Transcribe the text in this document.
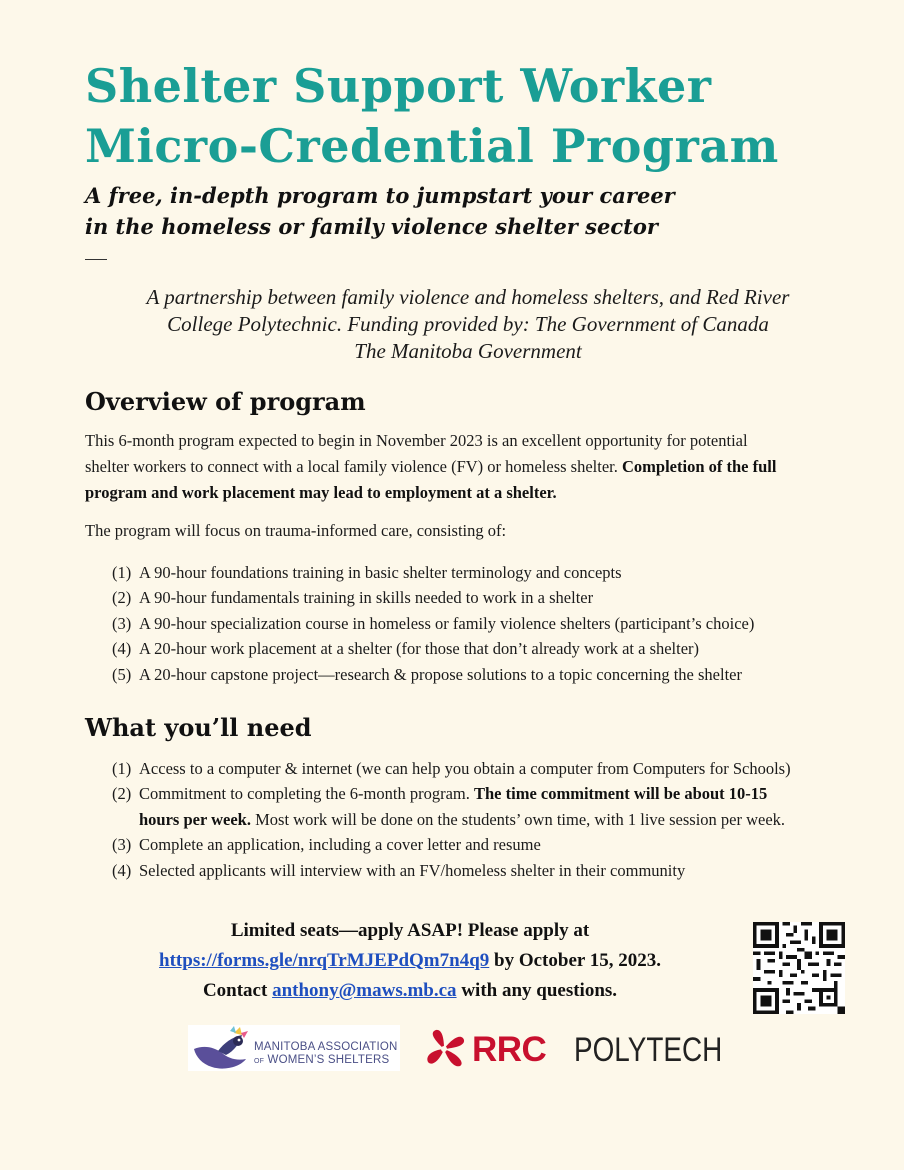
Shelter Support Worker
Micro-Credential Program
A free, in-depth program to jumpstart your career
in the homeless or family violence shelter sector
A partnership between family violence and homeless shelters, and Red River
College Polytechnic. Funding provided by: The Government of Canada
The Manitoba Government
Overview of program
This 6-month program expected to begin in November 2023 is an excellent opportunity for potential
shelter workers to connect with a local family violence (FV) or homeless shelter. Completion of the full
program and work placement may lead to employment at a shelter.
The program will focus on trauma-informed care, consisting of:
(1) A 90-hour foundations training in basic shelter terminology and concepts
(2) A 90-hour fundamentals training in skills needed to work in a shelter
(3) A 90-hour specialization course in homeless or family violence shelters (participant’s choice)
(4) A 20-hour work placement at a shelter (for those that don’t already work at a shelter)
(5) A 20-hour capstone project—research & propose solutions to a topic concerning the shelter
What you’ll need
(1) Access to a computer & internet (we can help you obtain a computer from Computers for Schools)
(2) Commitment to completing the 6-month program. The time commitment will be about 10-15
hours per week. Most work will be done on the students’ own time, with 1 live session per week.
(3) Complete an application, including a cover letter and resume
(4) Selected applicants will interview with an FV/homeless shelter in their community
Limited seats—apply ASAP! Please apply at
https://forms.gle/nrqTrMJEPdQm7n4q9 by October 15, 2023.
Contact anthony@maws.mb.ca with any questions.
MANITOBA ASSOCIATION
OF WOMEN’S SHELTERS RRC POLYTECH
